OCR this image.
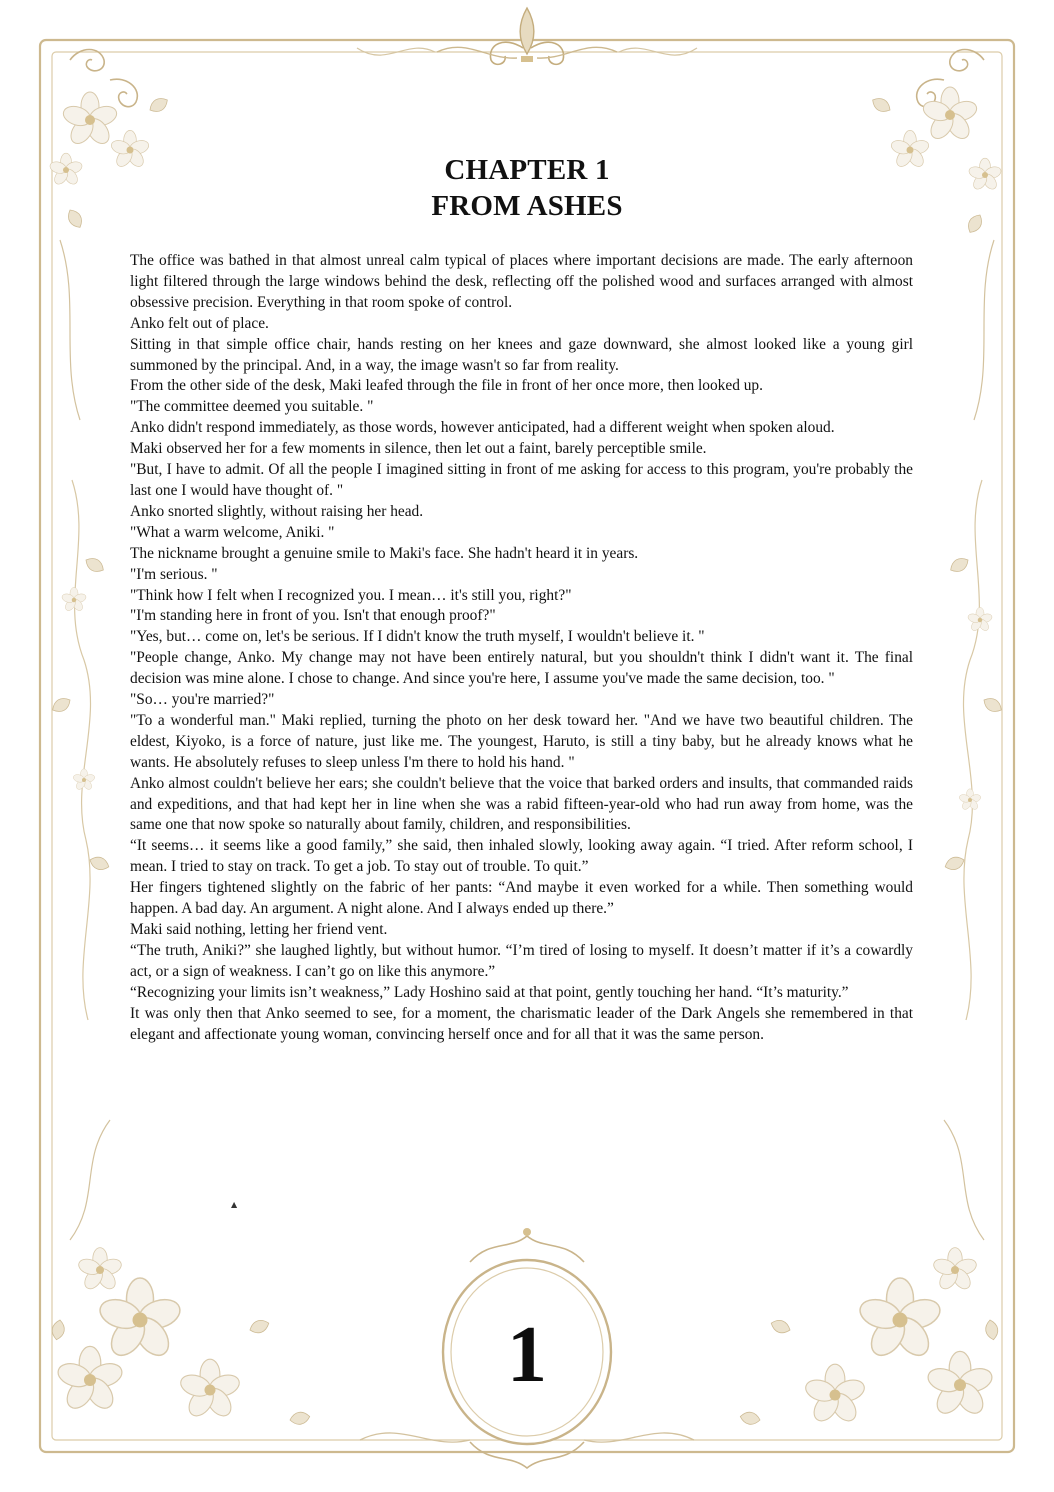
CHAPTER 1
FROM ASHES

The office was bathed in that almost unreal calm typical of places where important decisions are made. The early afternoon light filtered through the large windows behind the desk, reflecting off the polished wood and surfaces arranged with almost obsessive precision. Everything in that room spoke of control.

Anko felt out of place.

Sitting in that simple office chair, hands resting on her knees and gaze downward, she almost looked like a young girl summoned by the principal. And, in a way, the image wasn't so far from reality.

From the other side of the desk, Maki leafed through the file in front of her once more, then looked up.

"The committee deemed you suitable. "

Anko didn't respond immediately, as those words, however anticipated, had a different weight when spoken aloud.

Maki observed her for a few moments in silence, then let out a faint, barely perceptible smile.

"But, I have to admit. Of all the people I imagined sitting in front of me asking for access to this program, you're probably the last one I would have thought of. "

Anko snorted slightly, without raising her head.

"What a warm welcome, Aniki. "

The nickname brought a genuine smile to Maki's face. She hadn't heard it in years.

"I'm serious. "

"Think how I felt when I recognized you. I mean… it's still you, right?"

"I'm standing here in front of you. Isn't that enough proof?"

"Yes, but… come on, let's be serious. If I didn't know the truth myself, I wouldn't believe it. "

"People change, Anko. My change may not have been entirely natural, but you shouldn't think I didn't want it. The final decision was mine alone. I chose to change. And since you're here, I assume you've made the same decision, too. "

"So… you're married?"

"To a wonderful man." Maki replied, turning the photo on her desk toward her. "And we have two beautiful children. The eldest, Kiyoko, is a force of nature, just like me. The youngest, Haruto, is still a tiny baby, but he already knows what he wants. He absolutely refuses to sleep unless I'm there to hold his hand. "

Anko almost couldn't believe her ears; she couldn't believe that the voice that barked orders and insults, that commanded raids and expeditions, and that had kept her in line when she was a rabid fifteen-year-old who had run away from home, was the same one that now spoke so naturally about family, children, and responsibilities.

“It seems… it seems like a good family,” she said, then inhaled slowly, looking away again. “I tried. After reform school, I mean. I tried to stay on track. To get a job. To stay out of trouble. To quit.”

Her fingers tightened slightly on the fabric of her pants: “And maybe it even worked for a while. Then something would happen. A bad day. An argument. A night alone. And I always ended up there.”

Maki said nothing, letting her friend vent.

“The truth, Aniki?” she laughed lightly, but without humor. “I’m tired of losing to myself. It doesn’t matter if it’s a cowardly act, or a sign of weakness. I can’t go on like this anymore.”

“Recognizing your limits isn’t weakness,” Lady Hoshino said at that point, gently touching her hand. “It’s maturity.”

It was only then that Anko seemed to see, for a moment, the charismatic leader of the Dark Angels she remembered in that elegant and affectionate young woman, convincing herself once and for all that it was the same person.

▲
1
